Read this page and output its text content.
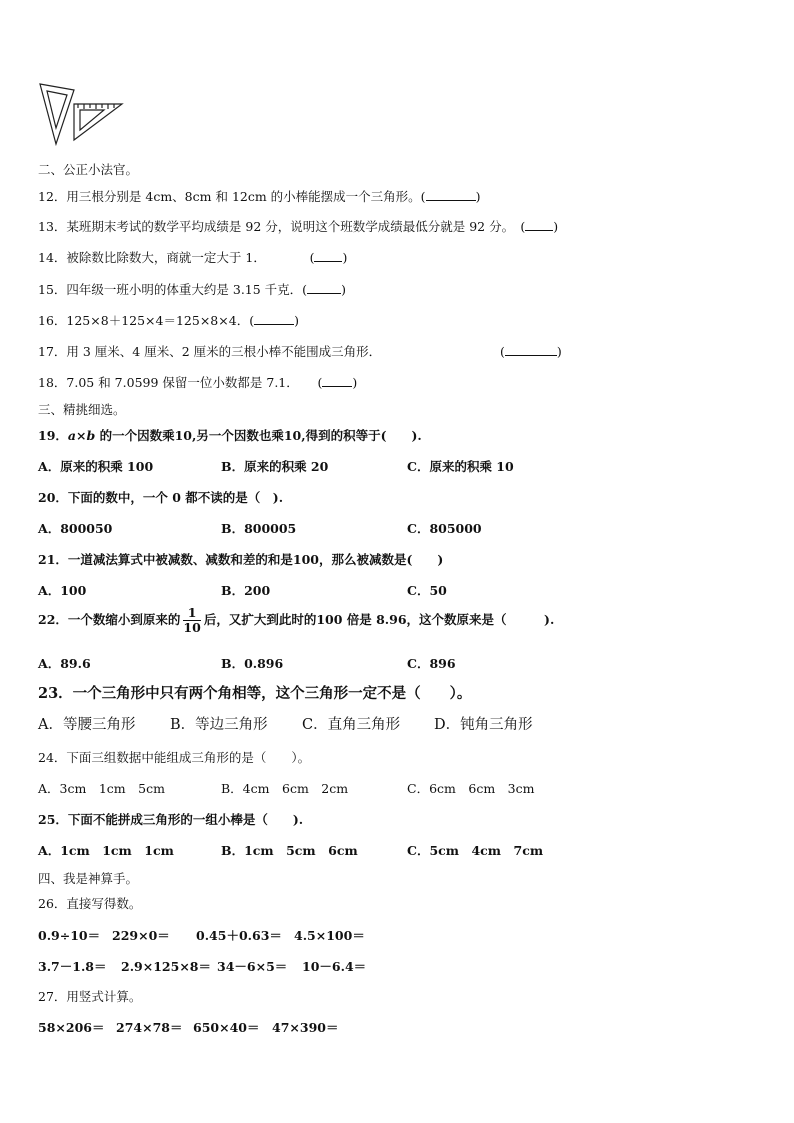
二、公正小法官。
12．用三根分别是 4cm、8cm 和 12cm 的小棒能摆成一个三角形。(	)
13．某班期末考试的数学平均成绩是 92 分，说明这个班数学成绩最低分就是 92 分。　( )
14．被除数比除数大，商就一定大于 1．　　　　( )
15．四年级一班小明的体重大约是 3.15 千克．(	)
16．125×8＋125×4＝125×8×4．(	)
17．用 3 厘米、4 厘米、2 厘米的三根小棒不能围成三角形．	(	)
18．7.05 和 7.0599 保留一位小数都是 7.1．　　( )
三、精挑细选。
19．a×b 的一个因数乘10,另一个因数也乘10,得到的积等于(　　).
A．原来的积乘 100	B．原来的积乘 20	C．原来的积乘 10
20．下面的数中，一个 0 都不读的是（　).
A．800050	B．800005	C．805000
21．一道减法算式中被减数、减数和差的和是100，那么被减数是(　　)
A．100	B．200	C．50
22．一个数缩小到原来的 $\frac{1}{10}$ 后，又扩大到此时的100 倍是 8.96，这个数原来是（　　　).
A．89.6	B．0.896	C．896
23．一个三角形中只有两个角相等，这个三角形一定不是（　　）。
A．等腰三角形 B．等边三角形 C．直角三角形 D．钝角三角形
24．下面三组数据中能组成三角形的是（　　）。
A．3cm　1cm　5cm	B．4cm　6cm　2cm	C．6cm　6cm　3cm
25．下面不能拼成三角形的一组小棒是（　　).
A．1cm　1cm　1cm	B．1cm　5cm　6cm	C．5cm　4cm　7cm
四、我是神算手。
26．直接写得数。
0.9÷10＝ 229×0＝ 0.45＋0.63＝ 4.5×100＝
3.7－1.8＝ 2.9×125×8＝ 34－6×5＝ 10－6.4＝
27．用竖式计算。
58×206＝ 274×78＝ 650×40＝ 47×390＝
